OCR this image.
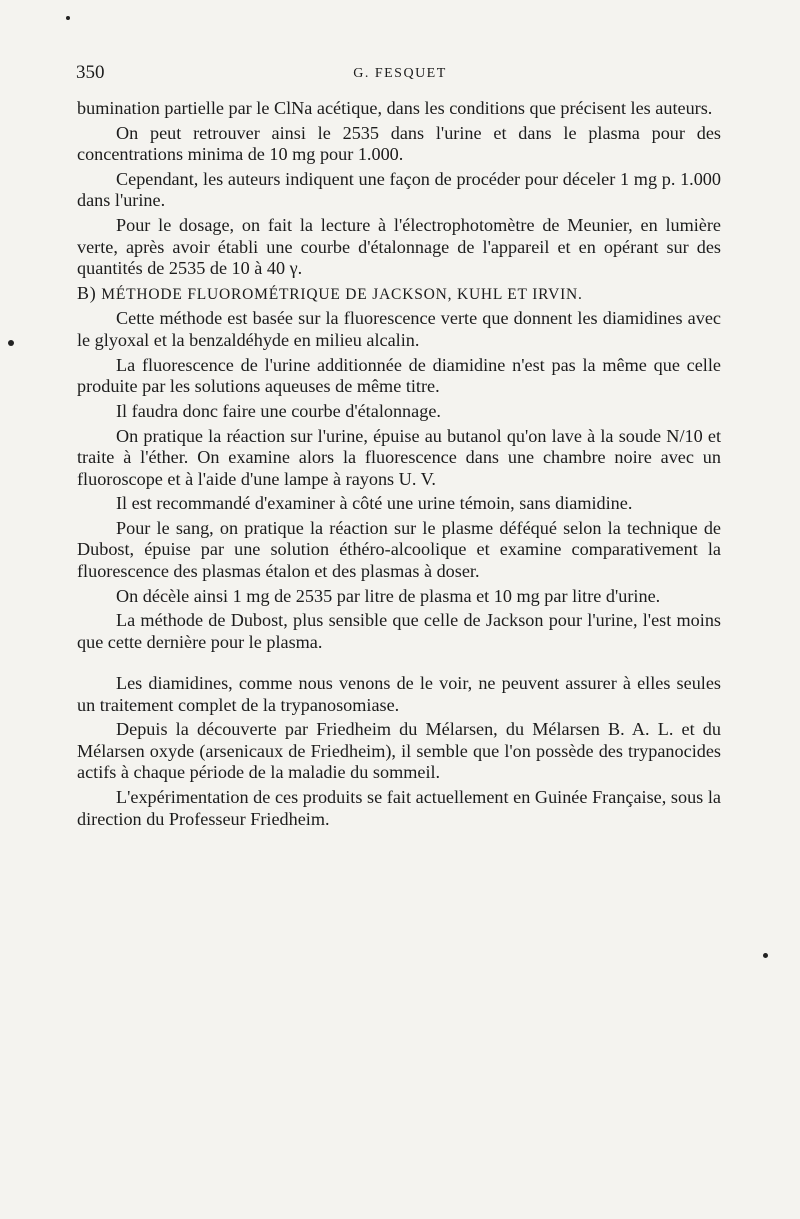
350	G. FESQUET

bumination partielle par le ClNa acétique, dans les conditions que précisent les auteurs.

On peut retrouver ainsi le 2535 dans l'urine et dans le plasma pour des concentrations minima de 10 mg pour 1.000.

Cependant, les auteurs indiquent une façon de procéder pour déceler 1 mg p. 1.000 dans l'urine.

Pour le dosage, on fait la lecture à l'électrophotomètre de Meunier, en lumière verte, après avoir établi une courbe d'étalonnage de l'appareil et en opérant sur des quantités de 2535 de 10 à 40 γ.

B) MÉTHODE FLUOROMÉTRIQUE DE JACKSON, KUHL ET IRVIN.

Cette méthode est basée sur la fluorescence verte que donnent les diamidines avec le glyoxal et la benzaldéhyde en milieu alcalin.

La fluorescence de l'urine additionnée de diamidine n'est pas la même que celle produite par les solutions aqueuses de même titre.

Il faudra donc faire une courbe d'étalonnage.

On pratique la réaction sur l'urine, épuise au butanol qu'on lave à la soude N/10 et traite à l'éther. On examine alors la fluorescence dans une chambre noire avec un fluoroscope et à l'aide d'une lampe à rayons U. V.

Il est recommandé d'examiner à côté une urine témoin, sans diamidine.

Pour le sang, on pratique la réaction sur le plasme déféqué selon la technique de Dubost, épuise par une solution éthéro-alcoolique et examine comparativement la fluorescence des plasmas étalon et des plasmas à doser.

On décèle ainsi 1 mg de 2535 par litre de plasma et 10 mg par litre d'urine.

La méthode de Dubost, plus sensible que celle de Jackson pour l'urine, l'est moins que cette dernière pour le plasma.

Les diamidines, comme nous venons de le voir, ne peuvent assurer à elles seules un traitement complet de la trypanosomiase.

Depuis la découverte par Friedheim du Mélarsen, du Mélarsen B. A. L. et du Mélarsen oxyde (arsenicaux de Friedheim), il semble que l'on possède des trypanocides actifs à chaque période de la maladie du sommeil.

L'expérimentation de ces produits se fait actuellement en Guinée Française, sous la direction du Professeur Friedheim.
